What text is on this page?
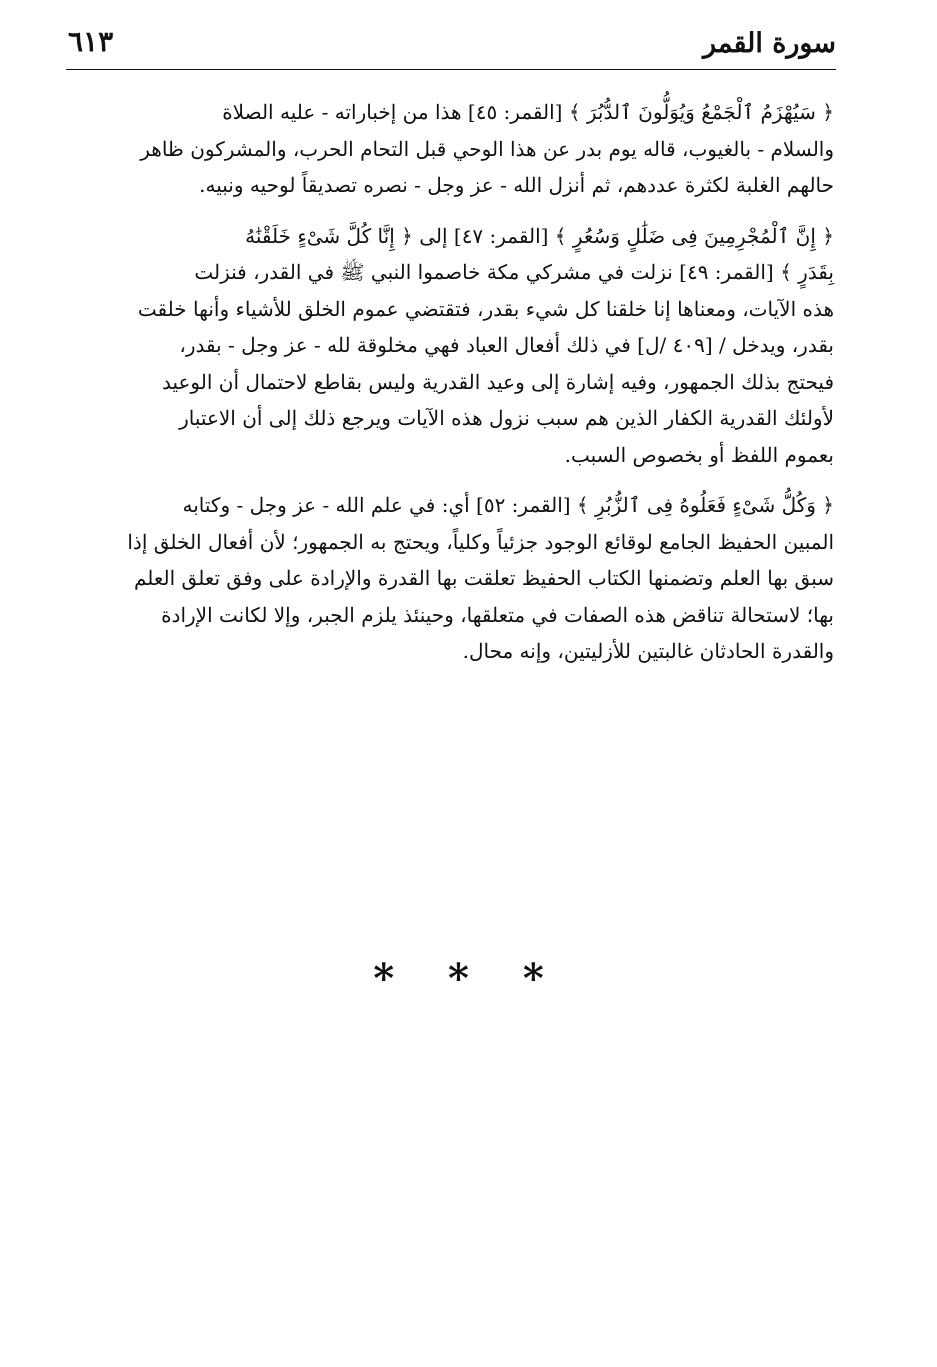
سورة القمر
٦١٣

﴿ سَيُهْزَمُ ٱلْجَمْعُ وَيُوَلُّونَ ٱلدُّبُرَ ﴾ [القمر: ٤٥] هذا من إخباراته - عليه الصلاة

والسلام - بالغيوب، قاله يوم بدر عن هذا الوحي قبل التحام الحرب، والمشركون ظاهر

حالهم الغلبة لكثرة عددهم، ثم أنزل الله - عز وجل - نصره تصديقاً لوحيه ونبيه.

﴿ إِنَّ ٱلْمُجْرِمِينَ فِى ضَلَٰلٍ وَسُعُرٍ ﴾ [القمر: ٤٧] إلى ﴿ إِنَّا كُلَّ شَىْءٍ خَلَقْنَٰهُ

بِقَدَرٍ ﴾ [القمر: ٤٩] نزلت في مشركي مكة خاصموا النبي ﷺ في القدر، فنزلت

هذه الآيات، ومعناها إنا خلقنا كل شيء بقدر، فتقتضي عموم الخلق للأشياء وأنها خلقت

بقدر، ويدخل / [٤٠٩ /ل] في ذلك أفعال العباد فهي مخلوقة لله - عز وجل - بقدر،

فيحتج بذلك الجمهور، وفيه إشارة إلى وعيد القدرية وليس بقاطع لاحتمال أن الوعيد

لأولئك القدرية الكفار الذين هم سبب نزول هذه الآيات ويرجع ذلك إلى أن الاعتبار

بعموم اللفظ أو بخصوص السبب.

﴿ وَكُلُّ شَىْءٍ فَعَلُوهُ فِى ٱلزُّبُرِ ﴾ [القمر: ٥٢] أي: في علم الله - عز وجل - وكتابه

المبين الحفيظ الجامع لوقائع الوجود جزئياً وكلياً، ويحتج به الجمهور؛ لأن أفعال الخلق إذا

سبق بها العلم وتضمنها الكتاب الحفيظ تعلقت بها القدرة والإرادة على وفق تعلق العلم

بها؛ لاستحالة تناقض هذه الصفات في متعلقها، وحينئذ يلزم الجبر، وإلا لكانت الإرادة

والقدرة الحادثان غالبتين للأزليتين، وإنه محال.

* * *
